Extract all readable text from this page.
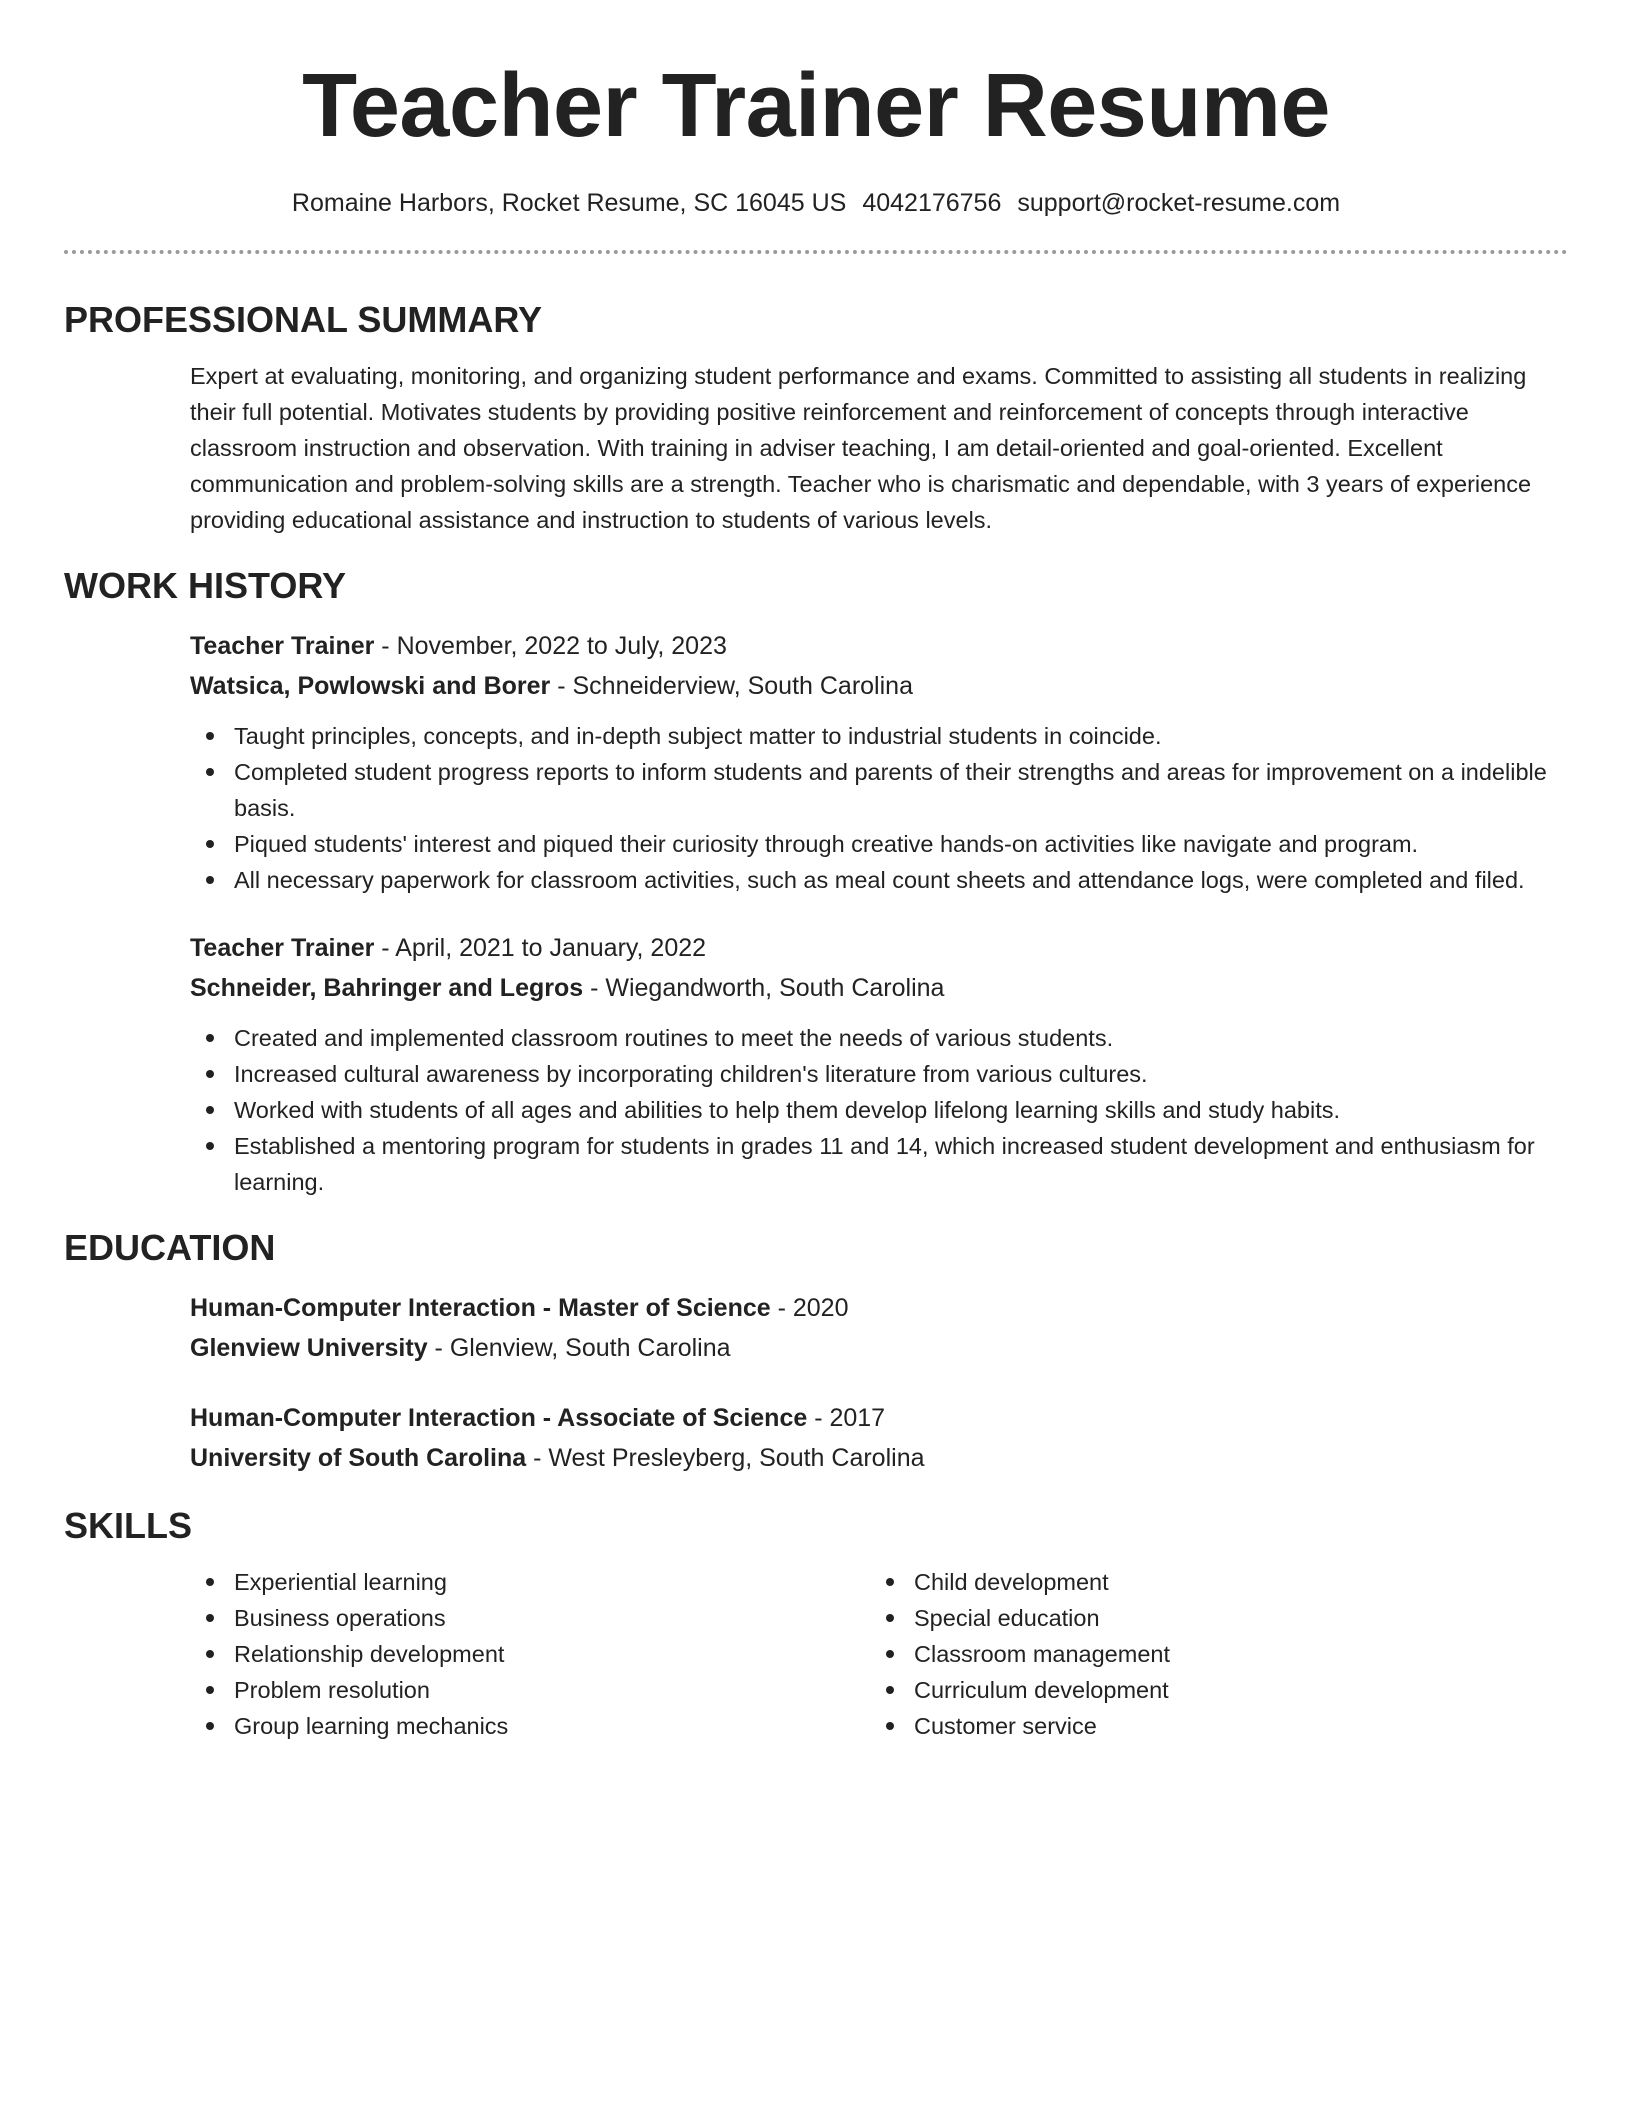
Teacher Trainer Resume
Romaine Harbors, Rocket Resume, SC 16045 US 4042176756 support@rocket-resume.com
PROFESSIONAL SUMMARY

Expert at evaluating, monitoring, and organizing student performance and exams. Committed to assisting all students in realizing their full potential. Motivates students by providing positive reinforcement and reinforcement of concepts through interactive classroom instruction and observation. With training in adviser teaching, I am detail-oriented and goal-oriented. Excellent communication and problem-solving skills are a strength. Teacher who is charismatic and dependable, with 3 years of experience providing educational assistance and instruction to students of various levels.

WORK HISTORY
Teacher Trainer - November, 2022 to July, 2023
Watsica, Powlowski and Borer - Schneiderview, South Carolina
Taught principles, concepts, and in-depth subject matter to industrial students in coincide.
Completed student progress reports to inform students and parents of their strengths and areas for improvement on a indelible basis.
Piqued students' interest and piqued their curiosity through creative hands-on activities like navigate and program.
All necessary paperwork for classroom activities, such as meal count sheets and attendance logs, were completed and filed.
Teacher Trainer - April, 2021 to January, 2022
Schneider, Bahringer and Legros - Wiegandworth, South Carolina
Created and implemented classroom routines to meet the needs of various students.
Increased cultural awareness by incorporating children's literature from various cultures.
Worked with students of all ages and abilities to help them develop lifelong learning skills and study habits.
Established a mentoring program for students in grades 11 and 14, which increased student development and enthusiasm for learning.
EDUCATION
Human-Computer Interaction - Master of Science - 2020
Glenview University - Glenview, South Carolina
Human-Computer Interaction - Associate of Science - 2017
University of South Carolina - West Presleyberg, South Carolina
SKILLS
Experiential learning
Business operations
Relationship development
Problem resolution
Group learning mechanics
Child development
Special education
Classroom management
Curriculum development
Customer service
